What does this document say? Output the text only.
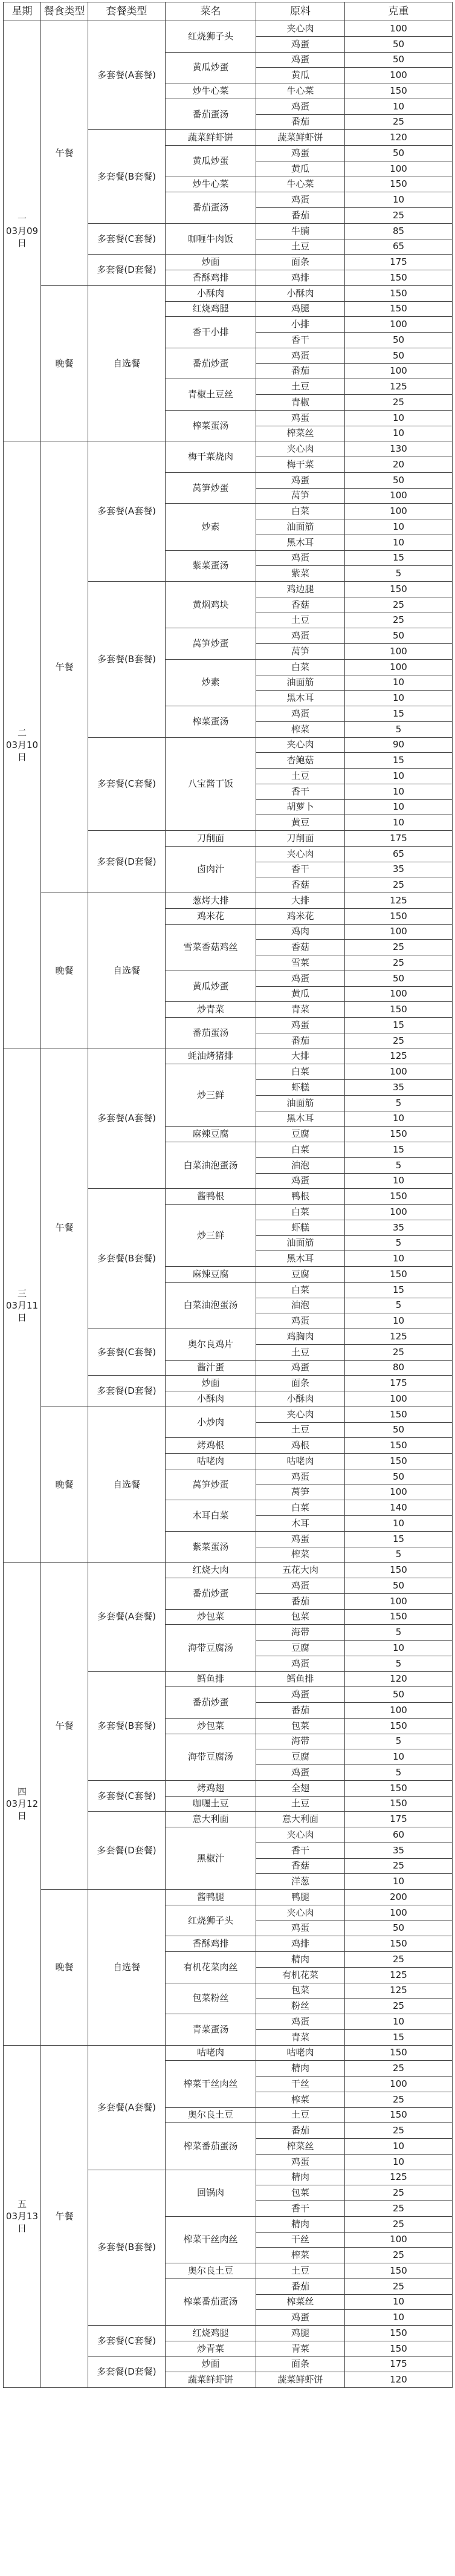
星期	餐食类型	套餐类型	菜名	原料	克重
一
03月09日	午餐	多套餐(A套餐)	红烧狮子头	夹心肉	100
				鸡蛋	50
			黄瓜炒蛋	鸡蛋	50
				黄瓜	100
			炒牛心菜	牛心菜	150
			番茄蛋汤	鸡蛋	10
				番茄	25
		多套餐(B套餐)	蔬菜鲜虾饼	蔬菜鲜虾饼	120
			黄瓜炒蛋	鸡蛋	50
				黄瓜	100
			炒牛心菜	牛心菜	150
			番茄蛋汤	鸡蛋	10
				番茄	25
		多套餐(C套餐)	咖喱牛肉饭	牛腩	85
				土豆	65
		多套餐(D套餐)	炒面	面条	175
			香酥鸡排	鸡排	150
	晚餐	自选餐	小酥肉	小酥肉	150
			红烧鸡腿	鸡腿	150
			香干小排	小排	100
				香干	50
			番茄炒蛋	鸡蛋	50
				番茄	100
			青椒土豆丝	土豆	125
				青椒	25
			榨菜蛋汤	鸡蛋	10
				榨菜丝	10
二
03月10日	午餐	多套餐(A套餐)	梅干菜烧肉	夹心肉	130
				梅干菜	20
			莴笋炒蛋	鸡蛋	50
				莴笋	100
			炒素	白菜	100
				油面筋	10
				黑木耳	10
			紫菜蛋汤	鸡蛋	15
				紫菜	5
		多套餐(B套餐)	黄焖鸡块	鸡边腿	150
				香菇	25
				土豆	25
			莴笋炒蛋	鸡蛋	50
				莴笋	100
			炒素	白菜	100
				油面筋	10
				黑木耳	10
			榨菜蛋汤	鸡蛋	15
				榨菜	5
		多套餐(C套餐)	八宝酱丁饭	夹心肉	90
				杏鲍菇	15
				土豆	10
				香干	10
				胡萝卜	10
				黄豆	10
		多套餐(D套餐)	刀削面	刀削面	175
			卤肉汁	夹心肉	65
				香干	35
				香菇	25
	晚餐	自选餐	葱烤大排	大排	125
			鸡米花	鸡米花	150
			雪菜香菇鸡丝	鸡肉	100
				香菇	25
				雪菜	25
			黄瓜炒蛋	鸡蛋	50
				黄瓜	100
			炒青菜	青菜	150
			番茄蛋汤	鸡蛋	15
				番茄	25
三
03月11日	午餐	多套餐(A套餐)	蚝油烤猪排	大排	125
			炒三鲜	白菜	100
				虾糕	35
				油面筋	5
				黑木耳	10
			麻辣豆腐	豆腐	150
			白菜油泡蛋汤	白菜	15
				油泡	5
				鸡蛋	10
		多套餐(B套餐)	酱鸭根	鸭根	150
			炒三鲜	白菜	100
				虾糕	35
				油面筋	5
				黑木耳	10
			麻辣豆腐	豆腐	150
			白菜油泡蛋汤	白菜	15
				油泡	5
				鸡蛋	10
		多套餐(C套餐)	奥尔良鸡片	鸡胸肉	125
				土豆	25
			酱汁蛋	鸡蛋	80
		多套餐(D套餐)	炒面	面条	175
			小酥肉	小酥肉	100
	晚餐	自选餐	小炒肉	夹心肉	150
				土豆	50
			烤鸡根	鸡根	150
			咕咾肉	咕咾肉	150
			莴笋炒蛋	鸡蛋	50
				莴笋	100
			木耳白菜	白菜	140
				木耳	10
			紫菜蛋汤	鸡蛋	15
				榨菜	5
四
03月12日	午餐	多套餐(A套餐)	红烧大肉	五花大肉	150
			番茄炒蛋	鸡蛋	50
				番茄	100
			炒包菜	包菜	150
			海带豆腐汤	海带	5
				豆腐	10
				鸡蛋	5
		多套餐(B套餐)	鳕鱼排	鳕鱼排	120
			番茄炒蛋	鸡蛋	50
				番茄	100
			炒包菜	包菜	150
			海带豆腐汤	海带	5
				豆腐	10
				鸡蛋	5
		多套餐(C套餐)	烤鸡翅	全翅	150
			咖喱土豆	土豆	150
		多套餐(D套餐)	意大利面	意大利面	175
			黑椒汁	夹心肉	60
				香干	35
				香菇	25
				洋葱	10
	晚餐	自选餐	酱鸭腿	鸭腿	200
			红烧狮子头	夹心肉	100
				鸡蛋	50
			香酥鸡排	鸡排	150
			有机花菜肉丝	精肉	25
				有机花菜	125
			包菜粉丝	包菜	125
				粉丝	25
			青菜蛋汤	鸡蛋	10
				青菜	15
五
03月13日	午餐	多套餐(A套餐)	咕咾肉	咕咾肉	150
			榨菜干丝肉丝	精肉	25
				干丝	100
				榨菜	25
			奥尔良土豆	土豆	150
			榨菜番茄蛋汤	番茄	25
				榨菜丝	10
				鸡蛋	10
		多套餐(B套餐)	回锅肉	精肉	125
				包菜	25
				香干	25
			榨菜干丝肉丝	精肉	25
				干丝	100
				榨菜	25
			奥尔良土豆	土豆	150
			榨菜番茄蛋汤	番茄	25
				榨菜丝	10
				鸡蛋	10
		多套餐(C套餐)	红烧鸡腿	鸡腿	150
			炒青菜	青菜	150
		多套餐(D套餐)	炒面	面条	175
			蔬菜鲜虾饼	蔬菜鲜虾饼	120
